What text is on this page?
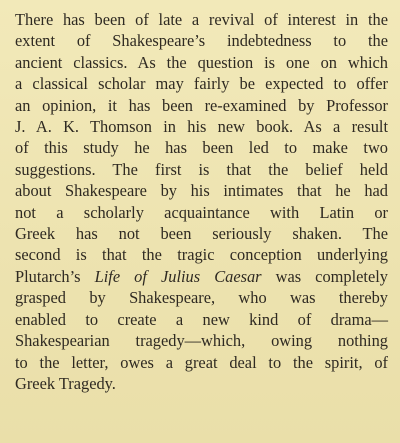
There has been of late a revival of interest in the
extent of Shakespeare’s indebtedness to the
ancient classics. As the question is one on which
a classical scholar may fairly be expected to offer
an opinion, it has been re-examined by Professor
J. A. K. Thomson in his new book. As a result
of this study he has been led to make two
suggestions. The first is that the belief held
about Shakespeare by his intimates that he had
not a scholarly acquaintance with Latin or
Greek has not been seriously shaken. The
second is that the tragic conception underlying
Plutarch’s Life of Julius Caesar was completely
grasped by Shakespeare, who was thereby
enabled to create a new kind of drama—
Shakespearian tragedy—which, owing nothing
to the letter, owes a great deal to the spirit, of
Greek Tragedy.
